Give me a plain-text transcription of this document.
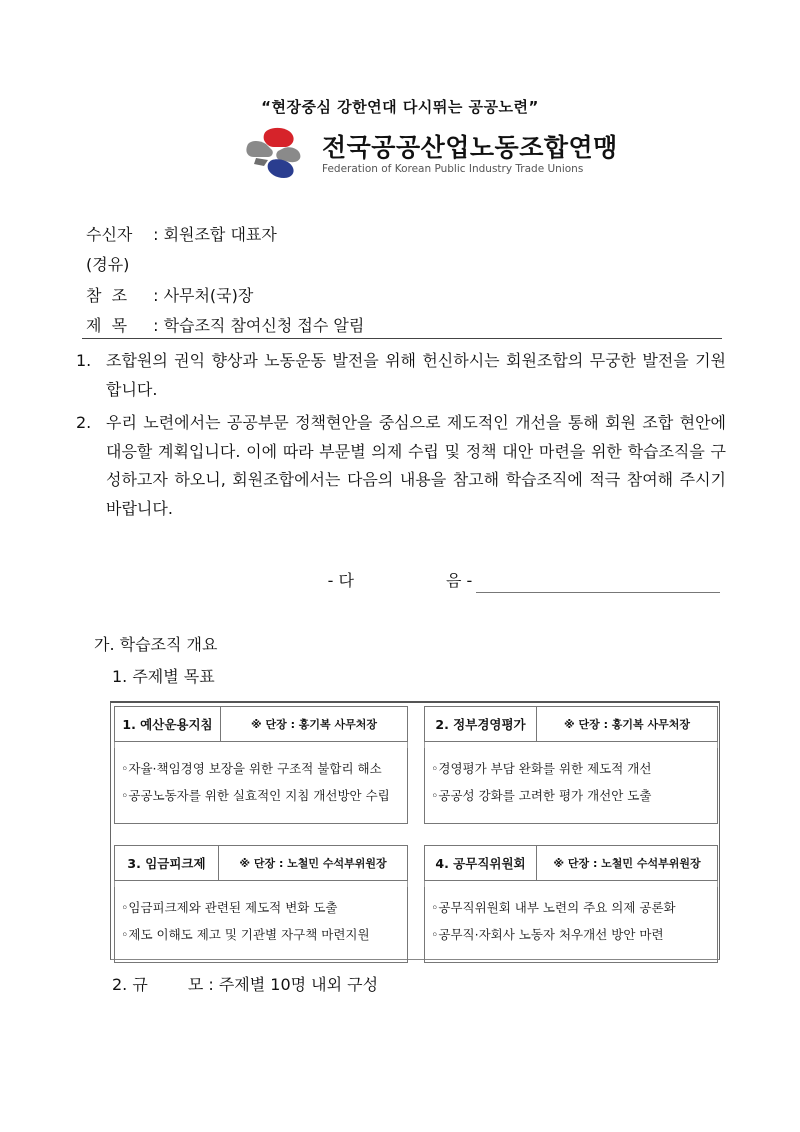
“현장중심 강한연대 다시뛰는 공공노련”
전국공공산업노동조합연맹
Federation of Korean Public Industry Trade Unions
수신자 : 회원조합 대표자
(경유)
참  조 : 사무처(국)장
제  목 : 학습조직 참여신청 접수 알림
1. 조합원의 권익 향상과 노동운동 발전을 위해 헌신하시는 회원조합의 무궁한 발전을 기원합니다.
2. 우리 노련에서는 공공부문 정책현안을 중심으로 제도적인 개선을 통해 회원 조합 현안에 대응할 계획입니다. 이에 따라 부문별 의제 수립 및 정책 대안 마련을 위한 학습조직을 구성하고자 하오니, 회원조합에서는 다음의 내용을 참고해 학습조직에 적극 참여해 주시기 바랍니다.
- 다	음 -
가. 학습조직 개요
1. 주제별 목표
1. 예산운용지침	※ 단장 : 홍기복 사무처장
◦자율·책임경영 보장을 위한 구조적 불합리 해소
◦공공노동자를 위한 실효적인 지침 개선방안 수립
2. 정부경영평가	※ 단장 : 홍기복 사무처장
◦경영평가 부담 완화를 위한 제도적 개선
◦공공성 강화를 고려한 평가 개선안 도출
3. 임금피크제	※ 단장 : 노철민 수석부위원장
◦임금피크제와 관련된 제도적 변화 도출
◦제도 이해도 제고 및 기관별 자구책 마련지원
4. 공무직위원회	※ 단장 : 노철민 수석부위원장
◦공무직위원회 내부 노련의 주요 의제 공론화
◦공무직·자회사 노동자 처우개선 방안 마련
2. 규	모 : 주제별 10명 내외 구성
